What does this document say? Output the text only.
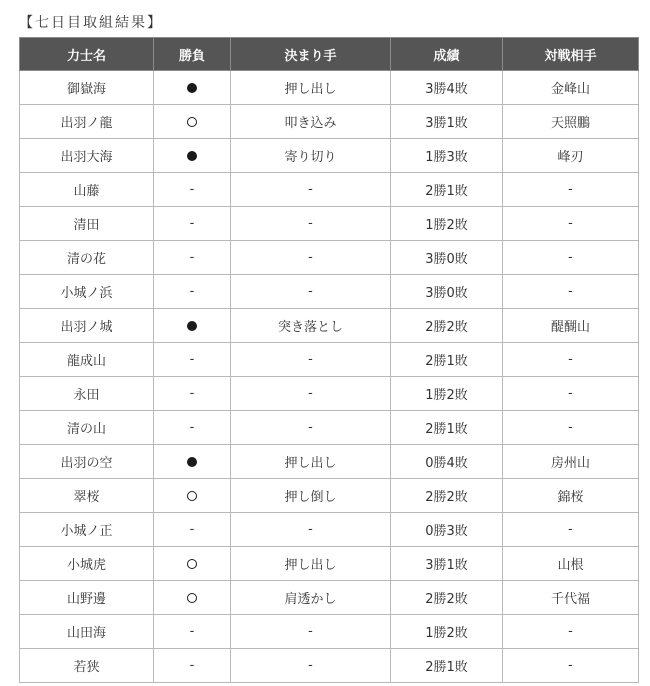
【七日目取組結果】
力士名	勝負	決まり手	成績	対戦相手
御嶽海		押し出し	3勝4敗	金峰山
出羽ノ龍		叩き込み	3勝1敗	天照鵬
出羽大海		寄り切り	1勝3敗	峰刃
山藤	-	-	2勝1敗	-
清田	-	-	1勝2敗	-
清の花	-	-	3勝0敗	-
小城ノ浜	-	-	3勝0敗	-
出羽ノ城		突き落とし	2勝2敗	醍醐山
龍成山	-	-	2勝1敗	-
永田	-	-	1勝2敗	-
清の山	-	-	2勝1敗	-
出羽の空		押し出し	0勝4敗	房州山
翠桜		押し倒し	2勝2敗	錦桜
小城ノ正	-	-	0勝3敗	-
小城虎		押し出し	3勝1敗	山根
山野邊		肩透かし	2勝2敗	千代福
山田海	-	-	1勝2敗	-
若狭	-	-	2勝1敗	-
